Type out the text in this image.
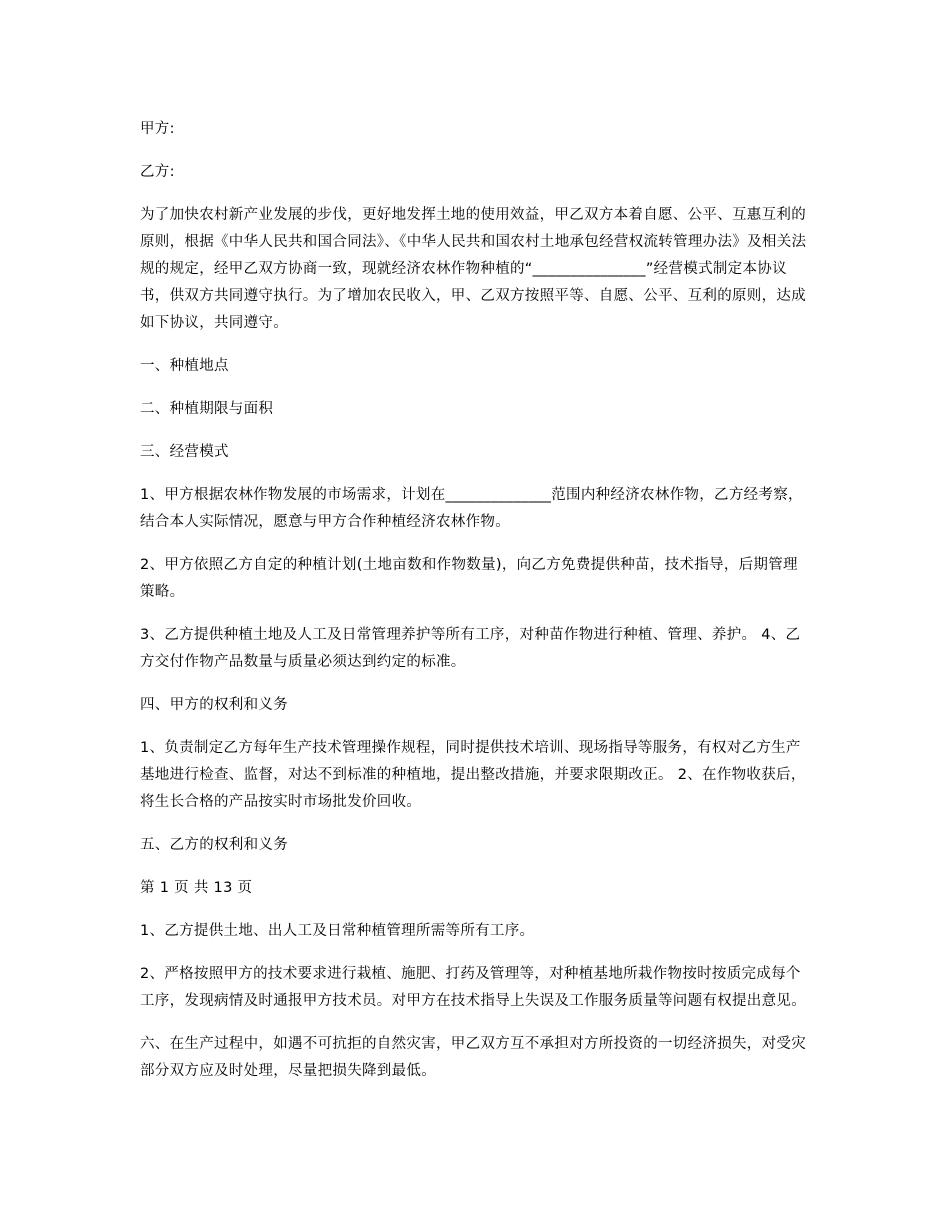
甲方:

乙方:

为了加快农村新产业发展的步伐，更好地发挥土地的使用效益，甲乙双方本着自愿、公平、互惠互利的原则，根据《中华人民共和国合同法》、《中华人民共和国农村土地承包经营权流转管理办法》及相关法规的规定，经甲乙双方协商一致，现就经济农林作物种植的“_______________”经营模式制定本协议书，供双方共同遵守执行。为了增加农民收入，甲、乙双方按照平等、自愿、公平、互利的原则，达成如下协议，共同遵守。

一、种植地点

二、种植期限与面积

三、经营模式

1、甲方根据农林作物发展的市场需求，计划在______________范围内种经济农林作物，乙方经考察，结合本人实际情况，愿意与甲方合作种植经济农林作物。

2、甲方依照乙方自定的种植计划(土地亩数和作物数量)，向乙方免费提供种苗，技术指导，后期管理策略。

3、乙方提供种植土地及人工及日常管理养护等所有工序，对种苗作物进行种植、管理、养护。 4、乙方交付作物产品数量与质量必须达到约定的标准。

四、甲方的权利和义务

1、负责制定乙方每年生产技术管理操作规程，同时提供技术培训、现场指导等服务，有权对乙方生产基地进行检查、监督，对达不到标准的种植地，提出整改措施，并要求限期改正。 2、在作物收获后，将生长合格的产品按实时市场批发价回收。

五、乙方的权利和义务

第 1 页 共 13 页

1、乙方提供土地、出人工及日常种植管理所需等所有工序。

2、严格按照甲方的技术要求进行栽植、施肥、打药及管理等，对种植基地所栽作物按时按质完成每个工序，发现病情及时通报甲方技术员。对甲方在技术指导上失误及工作服务质量等问题有权提出意见。

六、在生产过程中，如遇不可抗拒的自然灾害，甲乙双方互不承担对方所投资的一切经济损失，对受灾部分双方应及时处理，尽量把损失降到最低。
